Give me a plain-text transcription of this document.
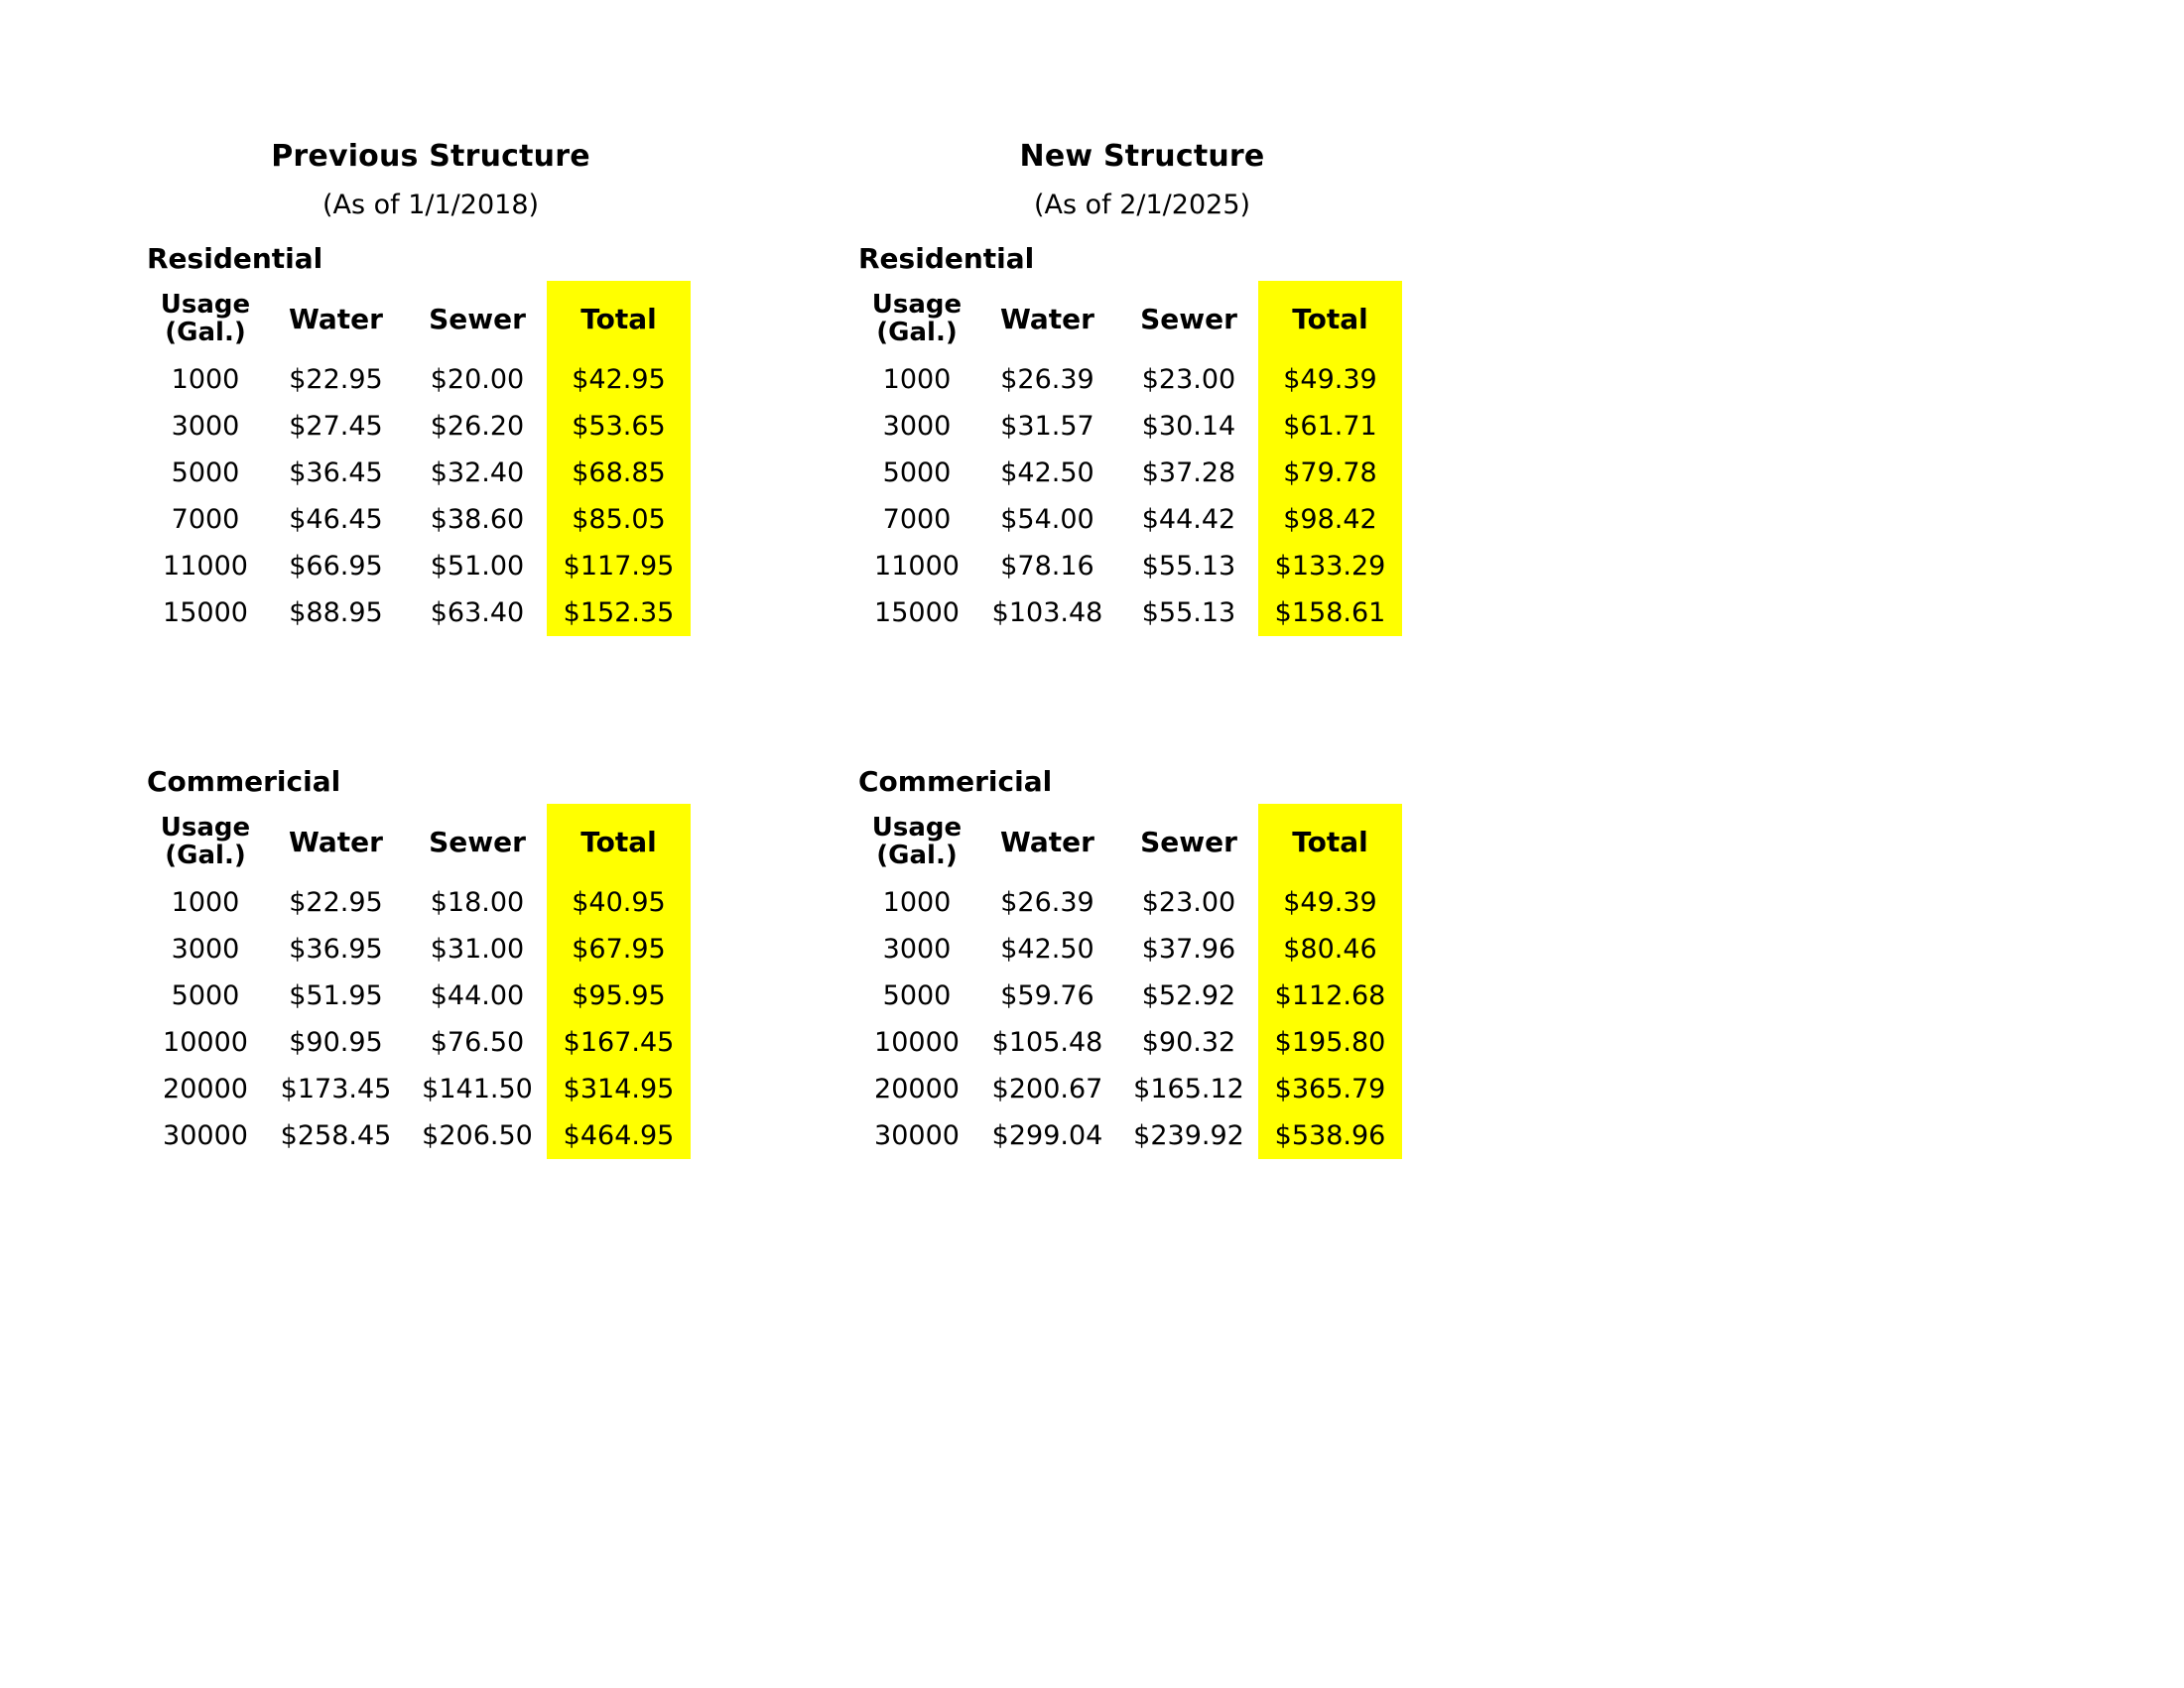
Previous Structure
(As of 1/1/2018)
Residential
Usage (Gal.)	Water	Sewer	Total
1000	$22.95	$20.00	$42.95
3000	$27.45	$26.20	$53.65
5000	$36.45	$32.40	$68.85
7000	$46.45	$38.60	$85.05
11000	$66.95	$51.00	$117.95
15000	$88.95	$63.40	$152.35
Commericial
Usage (Gal.)	Water	Sewer	Total
1000	$22.95	$18.00	$40.95
3000	$36.95	$31.00	$67.95
5000	$51.95	$44.00	$95.95
10000	$90.95	$76.50	$167.45
20000	$173.45	$141.50	$314.95
30000	$258.45	$206.50	$464.95
New Structure
(As of 2/1/2025)
Residential
Usage (Gal.)	Water	Sewer	Total
1000	$26.39	$23.00	$49.39
3000	$31.57	$30.14	$61.71
5000	$42.50	$37.28	$79.78
7000	$54.00	$44.42	$98.42
11000	$78.16	$55.13	$133.29
15000	$103.48	$55.13	$158.61
Commericial
Usage (Gal.)	Water	Sewer	Total
1000	$26.39	$23.00	$49.39
3000	$42.50	$37.96	$80.46
5000	$59.76	$52.92	$112.68
10000	$105.48	$90.32	$195.80
20000	$200.67	$165.12	$365.79
30000	$299.04	$239.92	$538.96
